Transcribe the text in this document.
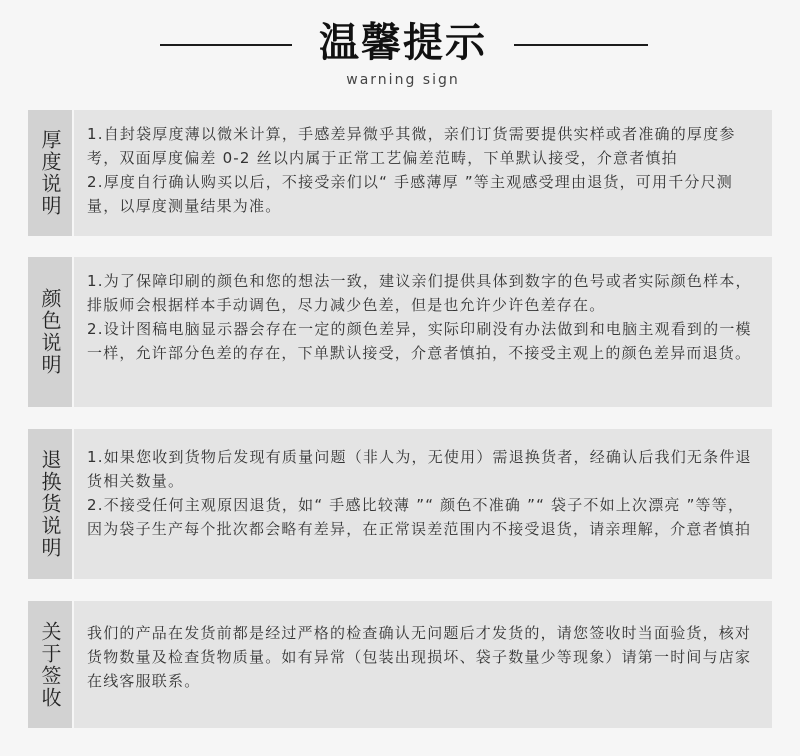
温馨提示
warning sign
厚度说明 1.自封袋厚度薄以微米计算，手感差异微乎其微，亲们订货需要提供实样或者准确的厚度参考，双面厚度偏差 0-2 丝以内属于正常工艺偏差范畴，下单默认接受，介意者慎拍

2.厚度自行确认购买以后，不接受亲们以“ 手感薄厚 ”等主观感受理由退货，可用千分尺测量，以厚度测量结果为准。

颜色说明

1.为了保障印刷的颜色和您的想法一致，建议亲们提供具体到数字的色号或者实际颜色样本，排版师会根据样本手动调色，尽力减少色差，但是也允许少许色差存在。

2.设计图稿电脑显示器会存在一定的颜色差异，实际印刷没有办法做到和电脑主观看到的一模一样，允许部分色差的存在，下单默认接受，介意者慎拍，不接受主观上的颜色差异而退货。

退换货说明 1.如果您收到货物后发现有质量问题（非人为，无使用）需退换货者，经确认后我们无条件退货相关数量。

2.不接受任何主观原因退货，如“ 手感比较薄 ”“ 颜色不准确 ”“ 袋子不如上次漂亮 ”等等，因为袋子生产每个批次都会略有差异，在正常误差范围内不接受退货，请亲理解，介意者慎拍

关于签收 我们的产品在发货前都是经过严格的检查确认无问题后才发货的，请您签收时当面验货，核对货物数量及检查货物质量。如有异常（包装出现损坏、袋子数量少等现象）请第一时间与店家在线客服联系。
